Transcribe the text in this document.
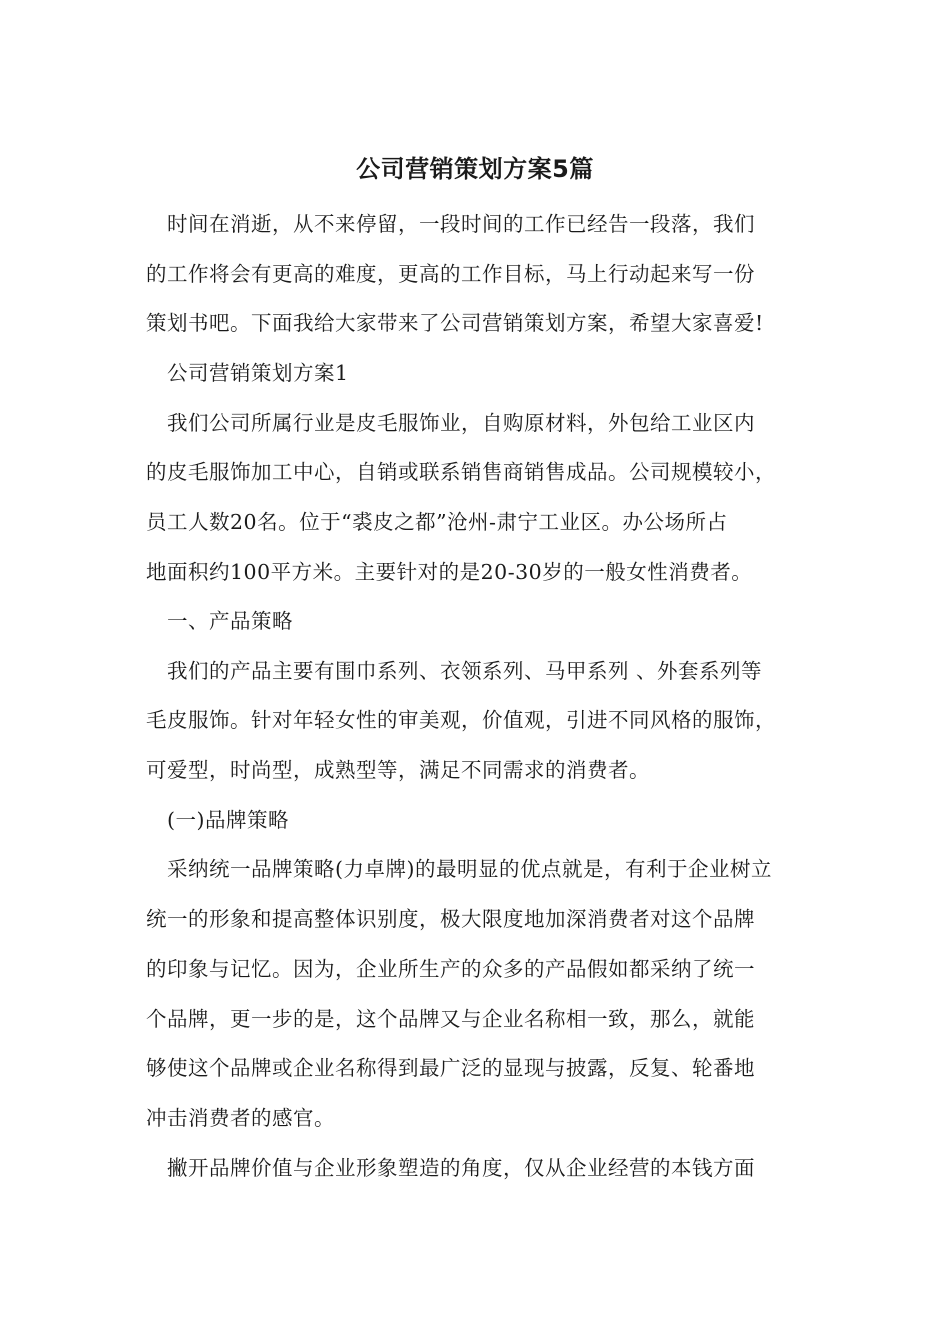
公司营销策划方案5篇
时间在消逝，从不来停留，一段时间的工作已经告一段落，我们
的工作将会有更高的难度，更高的工作目标，马上行动起来写一份
策划书吧。下面我给大家带来了公司营销策划方案，希望大家喜爱!
公司营销策划方案1
我们公司所属行业是皮毛服饰业，自购原材料，外包给工业区内
的皮毛服饰加工中心，自销或联系销售商销售成品。公司规模较小，
员工人数20名。位于“裘皮之都”沧州-肃宁工业区。办公场所占
地面积约100平方米。主要针对的是20-30岁的一般女性消费者。
一、产品策略
我们的产品主要有围巾系列、衣领系列、马甲系列 、外套系列等
毛皮服饰。针对年轻女性的审美观，价值观，引进不同风格的服饰，
可爱型，时尚型，成熟型等，满足不同需求的消费者。
(一)品牌策略
采纳统一品牌策略(力卓牌)的最明显的优点就是，有利于企业树立
统一的形象和提高整体识别度，极大限度地加深消费者对这个品牌
的印象与记忆。因为，企业所生产的众多的产品假如都采纳了统一
个品牌，更一步的是，这个品牌又与企业名称相一致，那么，就能
够使这个品牌或企业名称得到最广泛的显现与披露，反复、轮番地
冲击消费者的感官。
撇开品牌价值与企业形象塑造的角度，仅从企业经营的本钱方面
